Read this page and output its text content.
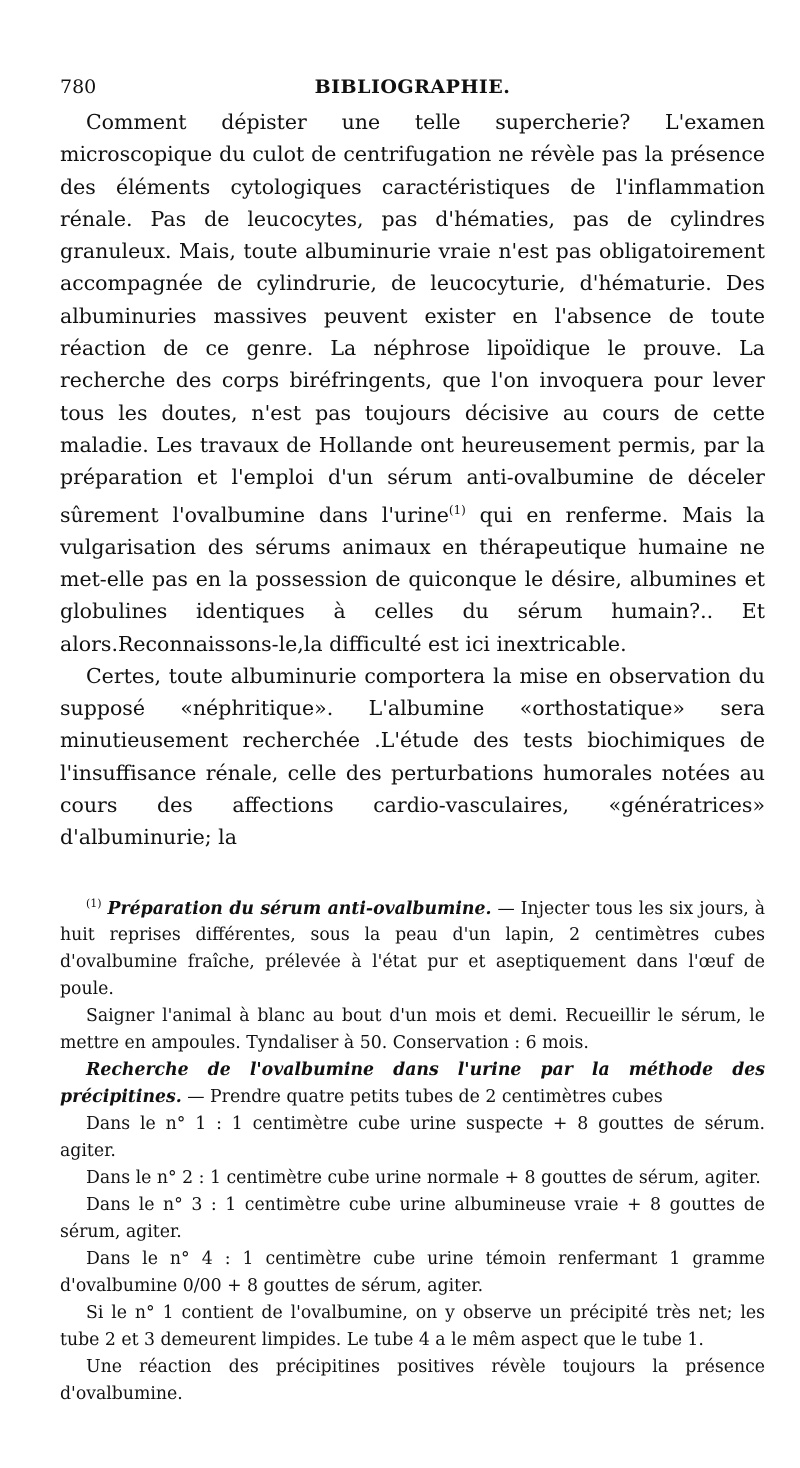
780	BIBLIOGRAPHIE.

Comment dépister une telle supercherie? L'examen microscopique du culot de centrifugation ne révèle pas la présence des éléments cytologiques caractéristiques de l'inflammation rénale. Pas de leucocytes, pas d'hématies, pas de cylindres granuleux. Mais, toute albuminurie vraie n'est pas obligatoirement accompagnée de cylindrurie, de leucocyturie, d'hématurie. Des albuminuries massives peuvent exister en l'absence de toute réaction de ce genre. La néphrose lipoïdique le prouve. La recherche des corps biréfringents, que l'on invoquera pour lever tous les doutes, n'est pas toujours décisive au cours de cette maladie. Les travaux de Hollande ont heureusement permis, par la préparation et l'emploi d'un sérum anti-ovalbumine de déceler sûrement l'ovalbumine dans l'urine$^{(1)}$ qui en renferme. Mais la vulgarisation des sérums animaux en thérapeutique humaine ne met-elle pas en la possession de quiconque le désire, albumines et globulines identiques à celles du sérum humain?.. Et alors.Reconnaissons-le,la difficulté est ici inextricable.

Certes, toute albuminurie comportera la mise en observation du supposé «néphritique». L'albumine «orthostatique» sera minutieusement recherchée .L'étude des tests biochimiques de l'insuffisance rénale, celle des perturbations humorales notées au cours des affections cardio-vasculaires, «génératrices» d'albuminurie; la

$^{(1)}$ Préparation du sérum anti-ovalbumine. — Injecter tous les six jours, à huit reprises différentes, sous la peau d'un lapin, 2 centimètres cubes d'ovalbumine fraîche, prélevée à l'état pur et aseptiquement dans l'œuf de poule.

Saigner l'animal à blanc au bout d'un mois et demi. Recueillir le sérum, le mettre en ampoules. Tyndaliser à 50. Conservation : 6 mois.

Recherche de l'ovalbumine dans l'urine par la méthode des précipitines. — Prendre quatre petits tubes de 2 centimètres cubes

Dans le n° 1 : 1 centimètre cube urine suspecte + 8 gouttes de sérum. agiter.

Dans le n° 2 : 1 centimètre cube urine normale + 8 gouttes de sérum, agiter.

Dans le n° 3 : 1 centimètre cube urine albumineuse vraie + 8 gouttes de sérum, agiter.

Dans le n° 4 : 1 centimètre cube urine témoin renfermant 1 gramme d'ovalbumine 0/00 + 8 gouttes de sérum, agiter.

Si le n° 1 contient de l'ovalbumine, on y observe un précipité très net; les tube 2 et 3 demeurent limpides. Le tube 4 a le mêm aspect que le tube 1.

Une réaction des précipitines positives révèle toujours la présence d'ovalbumine.
